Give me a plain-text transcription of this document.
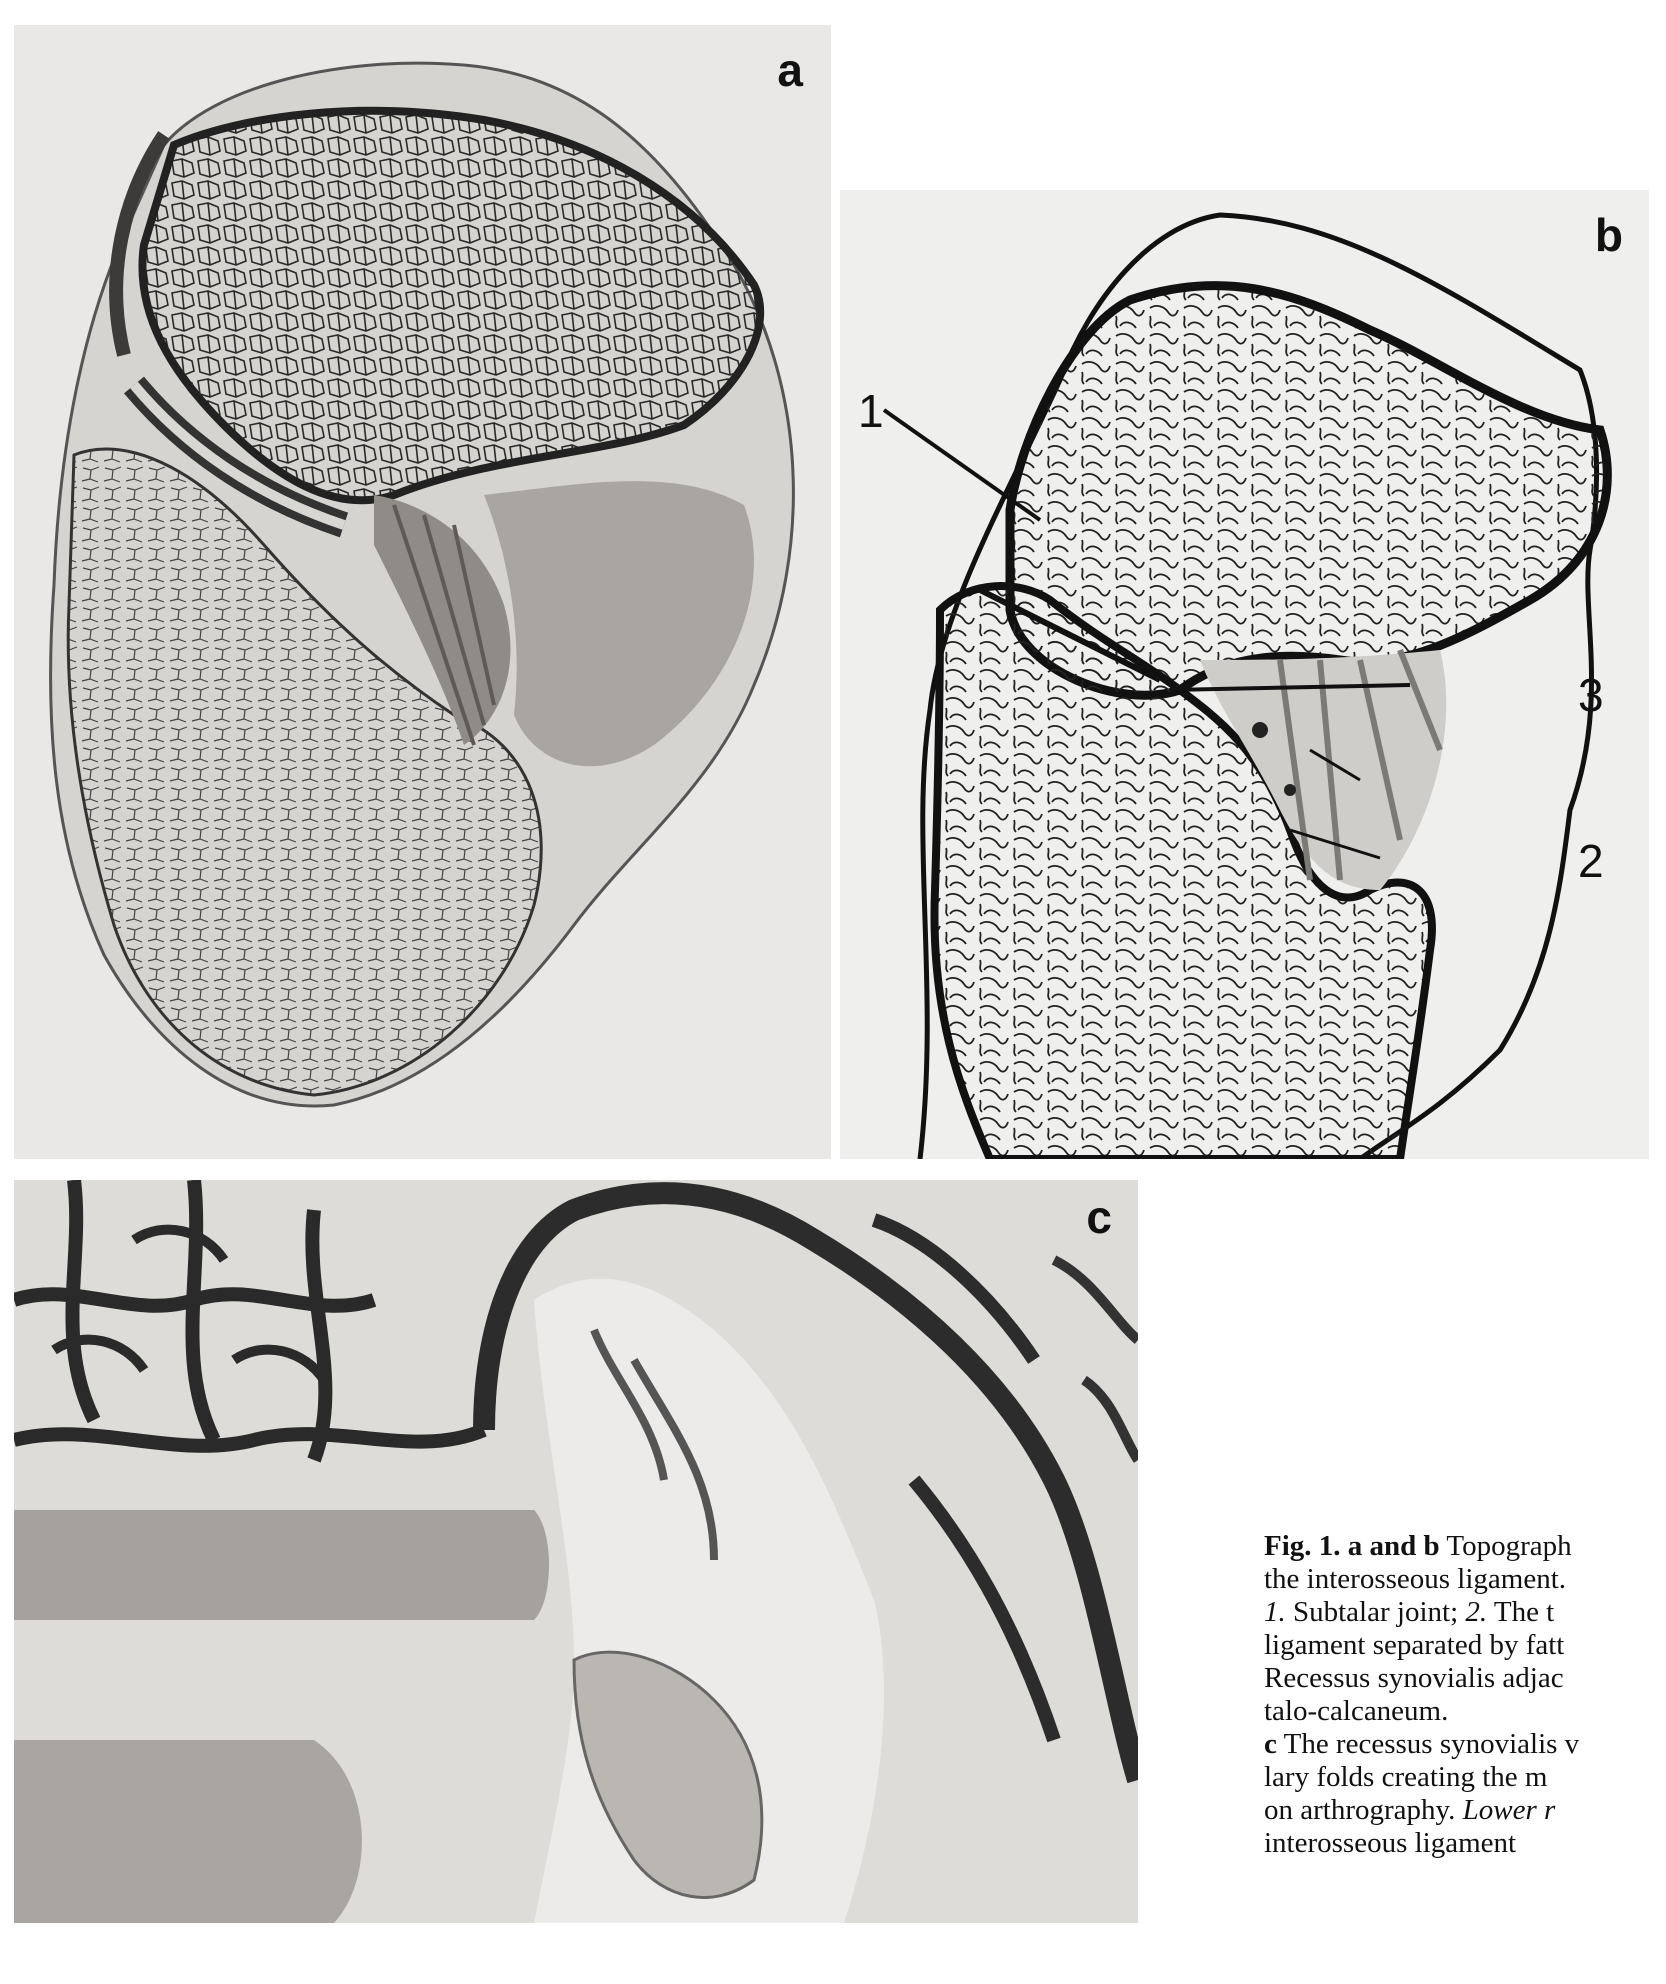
a
b
1
2
3
c
Fig. 1. a and b Topograph
the interosseous ligament.
1. Subtalar joint; 2. The t
ligament separated by fatt
Recessus synovialis adjac
talo-calcaneum.
c The recessus synovialis v
lary folds creating the m
on arthrography. Lower r
interosseous ligament
